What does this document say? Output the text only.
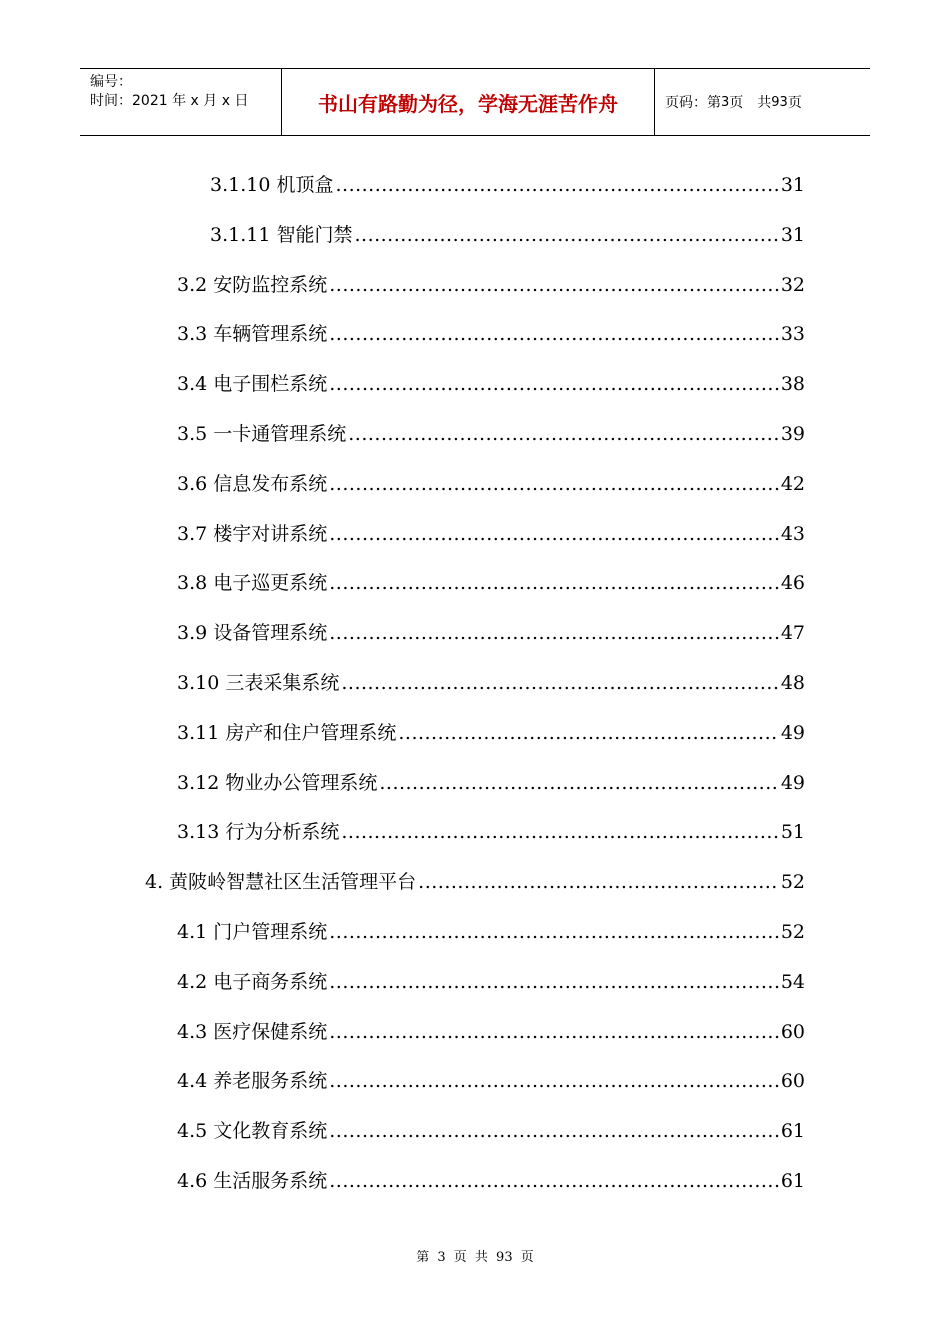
编号：
时间：2021 年 x 月 x 日	书山有路勤为径，学海无涯苦作舟	页码：第 3 页　共 93 页
3.1.10 机顶盒 .....	31
3.1.11 智能门禁 .....	31
3.2 安防监控系统 .....	32
3.3 车辆管理系统 .....	33
3.4 电子围栏系统 .....	38
3.5 一卡通管理系统 .....	39
3.6 信息发布系统 .....	42
3.7 楼宇对讲系统 .....	43
3.8 电子巡更系统 .....	46
3.9 设备管理系统 .....	47
3.10 三表采集系统 .....	48
3.11 房产和住户管理系统 .....	49
3.12 物业办公管理系统 .....	49
3.13 行为分析系统 .....	51
4. 黄陂岭智慧社区生活管理平台 .....	52
4.1 门户管理系统 .....	52
4.2 电子商务系统 .....	54
4.3 医疗保健系统 .....	60
4.4 养老服务系统 .....	60
4.5 文化教育系统 .....	61
4.6 生活服务系统 .....	61
第 3 页 共 93 页
